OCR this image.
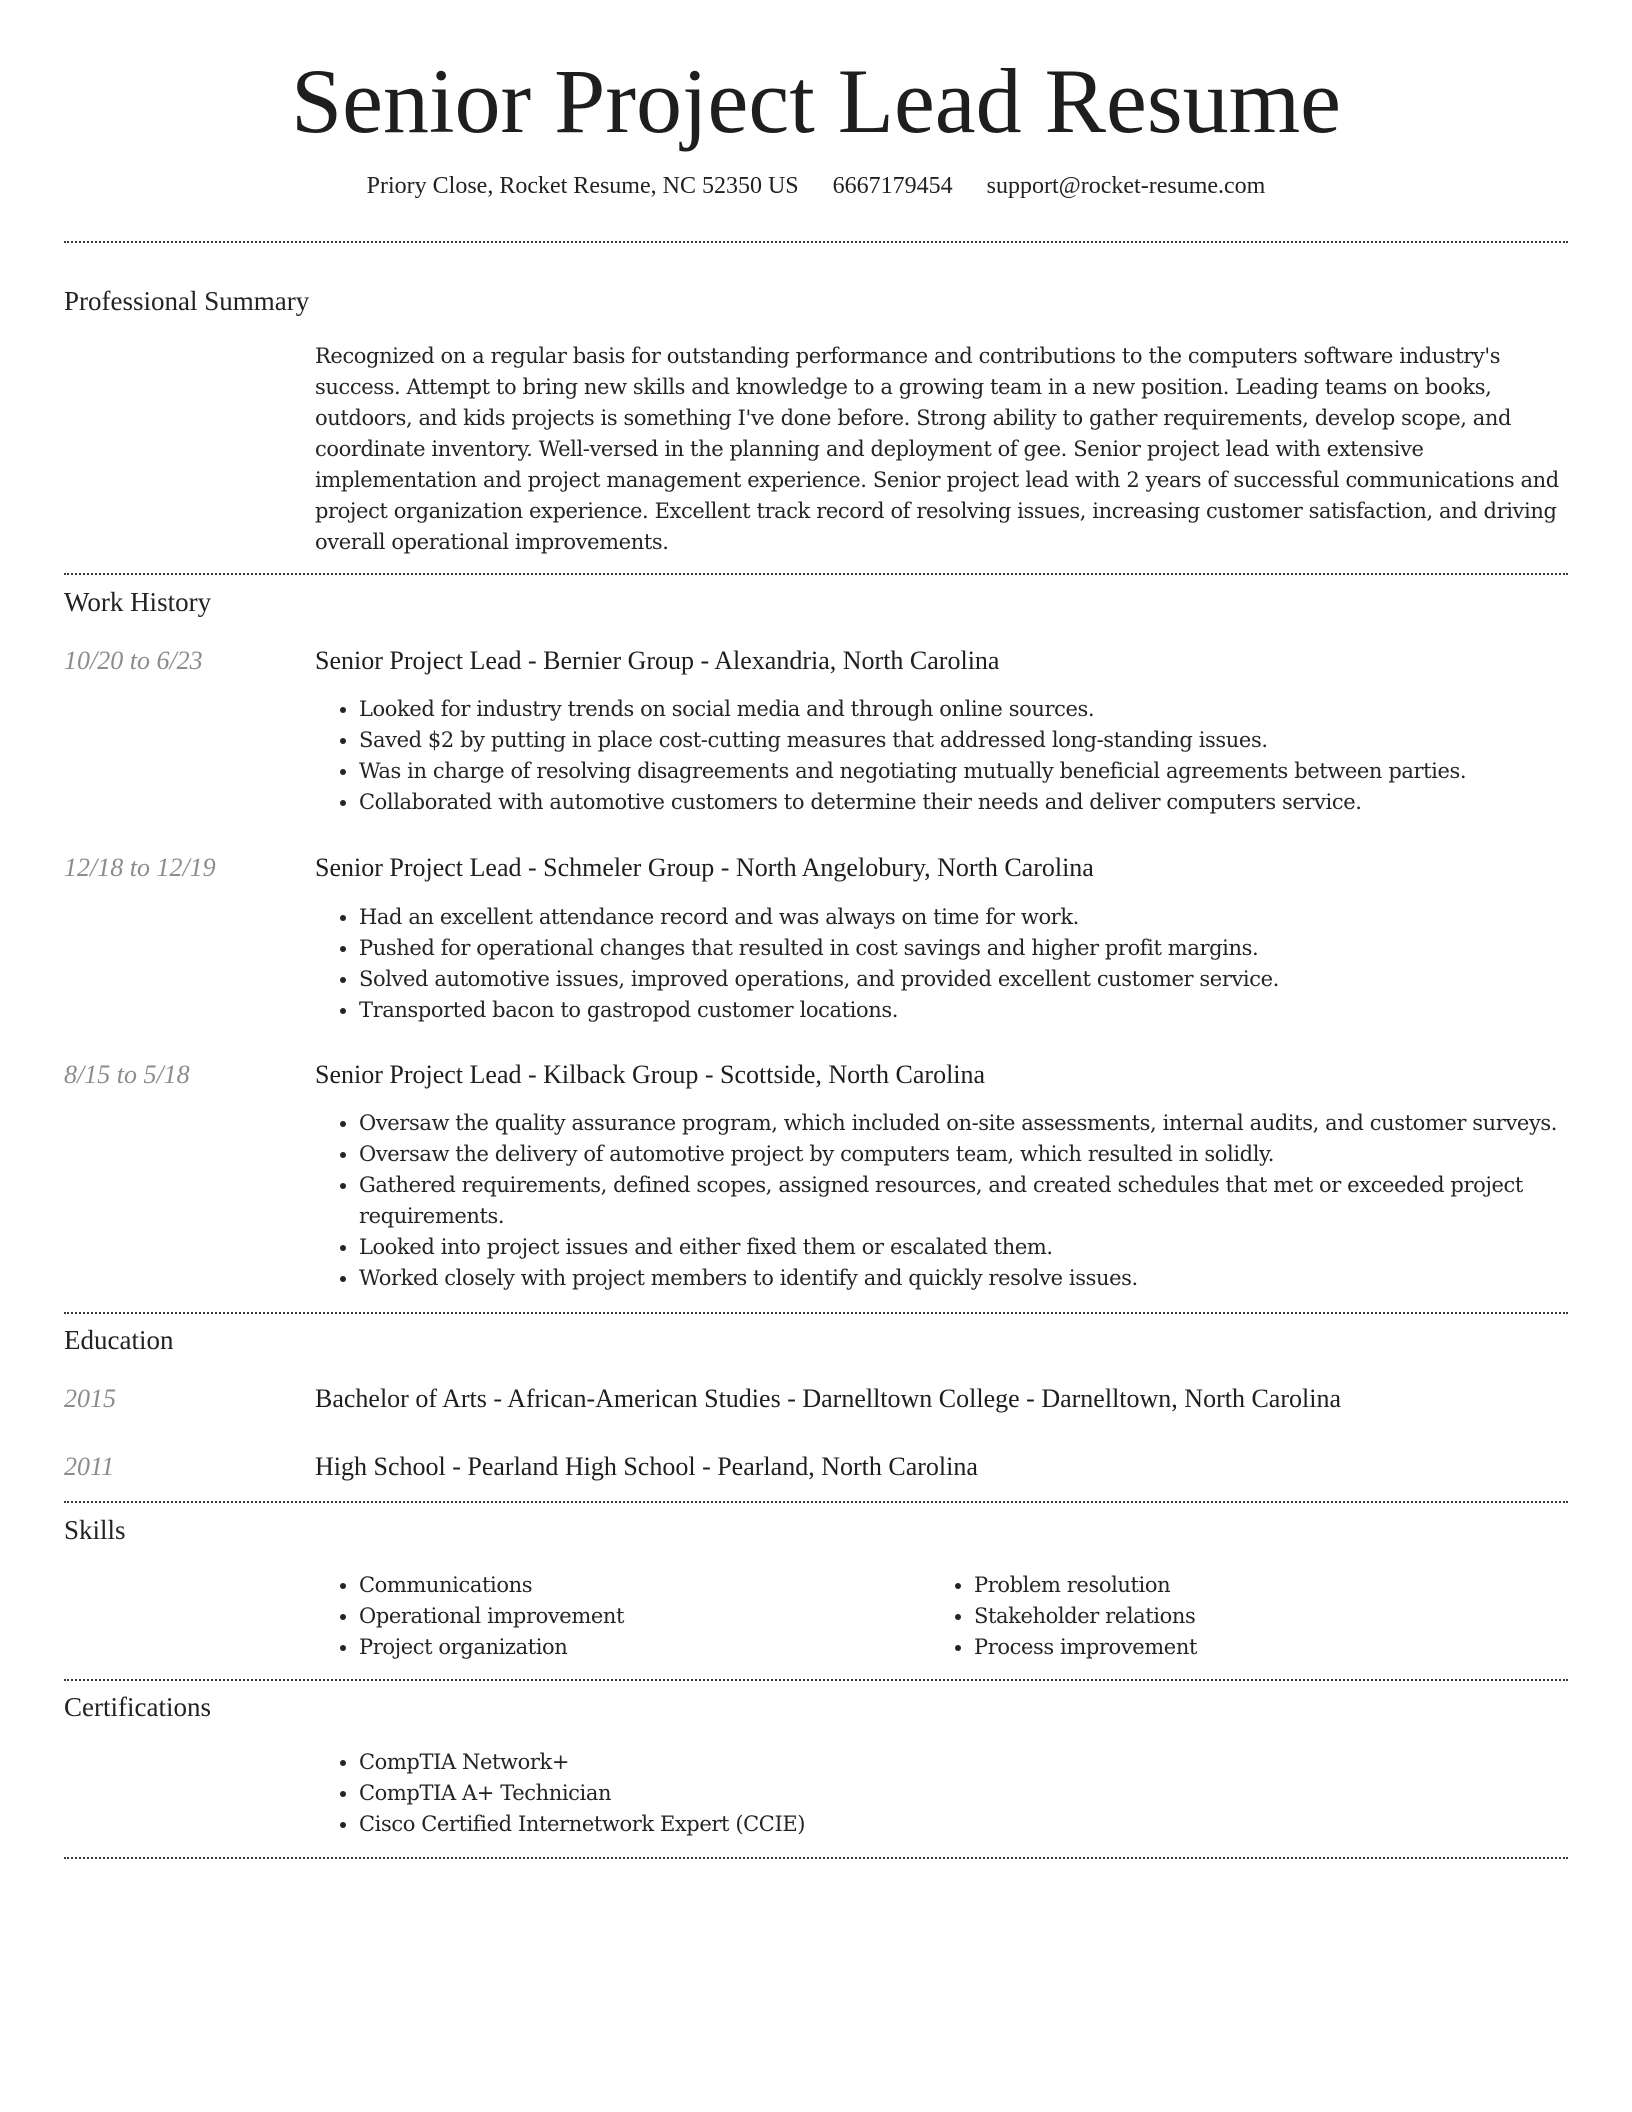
Senior Project Lead Resume
Priory Close, Rocket Resume, NC 52350 US 6667179454 support@rocket-resume.com
Professional Summary

Recognized on a regular basis for outstanding performance and contributions to the computers software industry's success. Attempt to bring new skills and knowledge to a growing team in a new position. Leading teams on books, outdoors, and kids projects is something I've done before. Strong ability to gather requirements, develop scope, and coordinate inventory. Well-versed in the planning and deployment of gee. Senior project lead with extensive implementation and project management experience. Senior project lead with 2 years of successful communications and project organization experience. Excellent track record of resolving issues, increasing customer satisfaction, and driving overall operational improvements.

Work History
10/20 to 6/23	Senior Project Lead - Bernier Group - Alexandria, North Carolina
• Looked for industry trends on social media and through online sources.
• Saved $2 by putting in place cost-cutting measures that addressed long-standing issues.
• Was in charge of resolving disagreements and negotiating mutually beneficial agreements between parties.
• Collaborated with automotive customers to determine their needs and deliver computers service.
12/18 to 12/19	Senior Project Lead - Schmeler Group - North Angelobury, North Carolina
• Had an excellent attendance record and was always on time for work.
• Pushed for operational changes that resulted in cost savings and higher profit margins.
• Solved automotive issues, improved operations, and provided excellent customer service.
• Transported bacon to gastropod customer locations.
8/15 to 5/18	Senior Project Lead - Kilback Group - Scottside, North Carolina
• Oversaw the quality assurance program, which included on-site assessments, internal audits, and customer surveys.
• Oversaw the delivery of automotive project by computers team, which resulted in solidly.
• Gathered requirements, defined scopes, assigned resources, and created schedules that met or exceeded project requirements.
• Looked into project issues and either fixed them or escalated them.
• Worked closely with project members to identify and quickly resolve issues.
Education
2015	Bachelor of Arts - African-American Studies - Darnelltown College - Darnelltown, North Carolina
2011	High School - Pearland High School - Pearland, North Carolina
Skills
• Communications
• Operational improvement
• Project organization
• Problem resolution
• Stakeholder relations
• Process improvement
Certifications
• CompTIA Network+
• CompTIA A+ Technician
• Cisco Certified Internetwork Expert (CCIE)
